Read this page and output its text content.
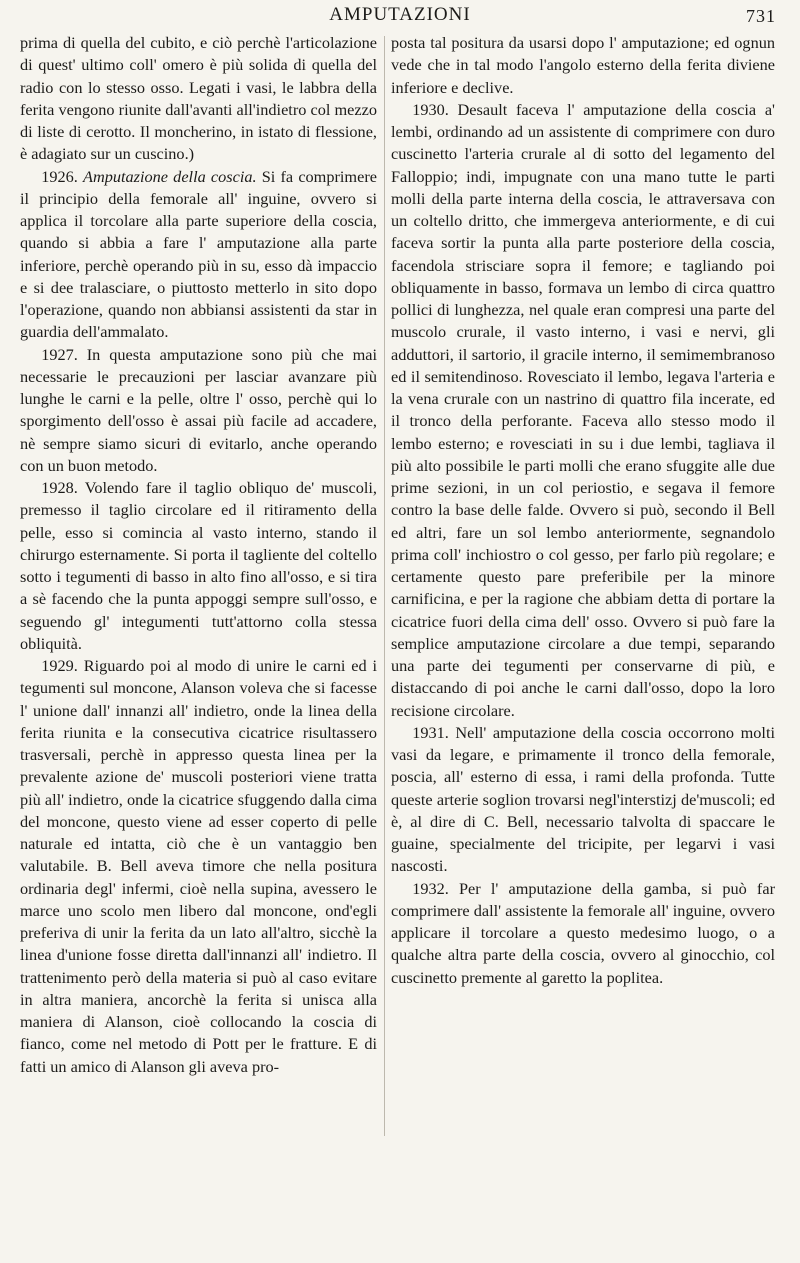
AMPUTAZIONI	731

prima di quella del cubito, e ciò perchè l'articolazione di quest' ultimo coll' omero è più solida di quella del radio con lo stesso osso. Legati i vasi, le labbra della ferita vengono riunite dall'avanti all'indietro col mezzo di liste di cerotto. Il moncherino, in istato di flessione, è adagiato sur un cuscino.)

1926. Amputazione della coscia. Si fa comprimere il principio della femorale all' inguine, ovvero si applica il torcolare alla parte superiore della coscia, quando si abbia a fare l' amputazione alla parte inferiore, perchè operando più in su, esso dà impaccio e si dee tralasciare, o piuttosto metterlo in sito dopo l'operazione, quando non abbiansi assistenti da star in guardia dell'ammalato.

1927. In questa amputazione sono più che mai necessarie le precauzioni per lasciar avanzare più lunghe le carni e la pelle, oltre l' osso, perchè qui lo sporgimento dell'osso è assai più facile ad accadere, nè sempre siamo sicuri di evitarlo, anche operando con un buon metodo.

1928. Volendo fare il taglio obliquo de' muscoli, premesso il taglio circolare ed il ritiramento della pelle, esso si comincia al vasto interno, stando il chirurgo esternamente. Si porta il tagliente del coltello sotto i tegumenti di basso in alto fino all'osso, e si tira a sè facendo che la punta appoggi sempre sull'osso, e seguendo gl' integumenti tutt'attorno colla stessa obliquità.

1929. Riguardo poi al modo di unire le carni ed i tegumenti sul moncone, Alanson voleva che si facesse l' unione dall' innanzi all' indietro, onde la linea della ferita riunita e la consecutiva cicatrice risultassero trasversali, perchè in appresso questa linea per la prevalente azione de' muscoli posteriori viene tratta più all' indietro, onde la cicatrice sfuggendo dalla cima del moncone, questo viene ad esser coperto di pelle naturale ed intatta, ciò che è un vantaggio ben valutabile. B. Bell aveva timore che nella positura ordinaria degl' infermi, cioè nella supina, avessero le marce uno scolo men libero dal moncone, ond'egli preferiva di unir la ferita da un lato all'altro, sicchè la linea d'unione fosse diretta dall'innanzi all' indietro. Il trattenimento però della materia si può al caso evitare in altra maniera, ancorchè la ferita si unisca alla maniera di Alanson, cioè collocando la coscia di fianco, come nel metodo di Pott per le fratture. E di fatti un amico di Alanson gli aveva pro-

posta tal positura da usarsi dopo l' amputazione; ed ognun vede che in tal modo l'angolo esterno della ferita diviene inferiore e declive.

1930. Desault faceva l' amputazione della coscia a' lembi, ordinando ad un assistente di comprimere con duro cuscinetto l'arteria crurale al di sotto del legamento del Falloppio; indi, impugnate con una mano tutte le parti molli della parte interna della coscia, le attraversava con un coltello dritto, che immergeva anteriormente, e di cui faceva sortir la punta alla parte posteriore della coscia, facendola strisciare sopra il femore; e tagliando poi obliquamente in basso, formava un lembo di circa quattro pollici di lunghezza, nel quale eran compresi una parte del muscolo crurale, il vasto interno, i vasi e nervi, gli adduttori, il sartorio, il gracile interno, il semimembranoso ed il semitendinoso. Rovesciato il lembo, legava l'arteria e la vena crurale con un nastrino di quattro fila incerate, ed il tronco della perforante. Faceva allo stesso modo il lembo esterno; e rovesciati in su i due lembi, tagliava il più alto possibile le parti molli che erano sfuggite alle due prime sezioni, in un col periostio, e segava il femore contro la base delle falde. Ovvero si può, secondo il Bell ed altri, fare un sol lembo anteriormente, segnandolo prima coll' inchiostro o col gesso, per farlo più regolare; e certamente questo pare preferibile per la minore carnificina, e per la ragione che abbiam detta di portare la cicatrice fuori della cima dell' osso. Ovvero si può fare la semplice amputazione circolare a due tempi, separando una parte dei tegumenti per conservarne di più, e distaccando di poi anche le carni dall'osso, dopo la loro recisione circolare.

1931. Nell' amputazione della coscia occorrono molti vasi da legare, e primamente il tronco della femorale, poscia, all' esterno di essa, i rami della profonda. Tutte queste arterie soglion trovarsi negl'interstizj de'muscoli; ed è, al dire di C. Bell, necessario talvolta di spaccare le guaine, specialmente del tricipite, per legarvi i vasi nascosti.

1932. Per l' amputazione della gamba, si può far comprimere dall' assistente la femorale all' inguine, ovvero applicare il torcolare a questo medesimo luogo, o a qualche altra parte della coscia, ovvero al ginocchio, col cuscinetto premente al garetto la poplitea.
